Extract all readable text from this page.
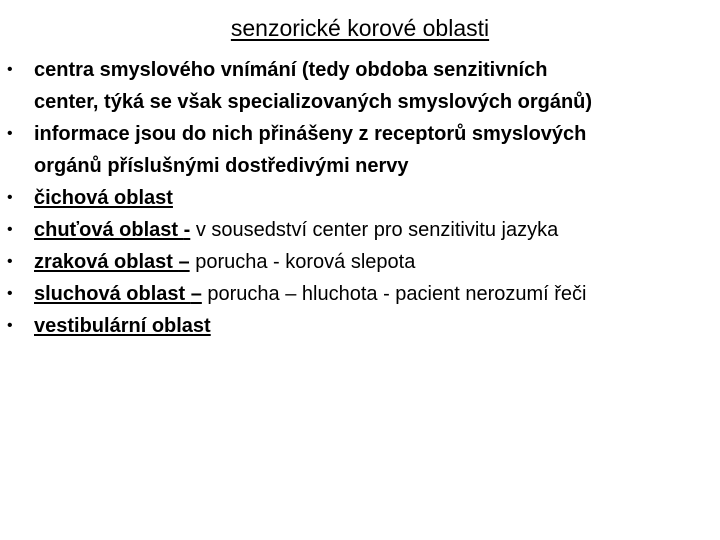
senzorické korové oblasti
• centra smyslového vnímání (tedy obdoba senzitivních
center, týká se však specializovaných smyslových orgánů)
• informace jsou do nich přinášeny z receptorů smyslových
orgánů příslušnými dostředivými nervy
• čichová oblast
• chuťová oblast - v sousedství center pro senzitivitu jazyka
• zraková oblast – porucha - korová slepota
• sluchová oblast – porucha – hluchota - pacient nerozumí řeči
• vestibulární oblast
